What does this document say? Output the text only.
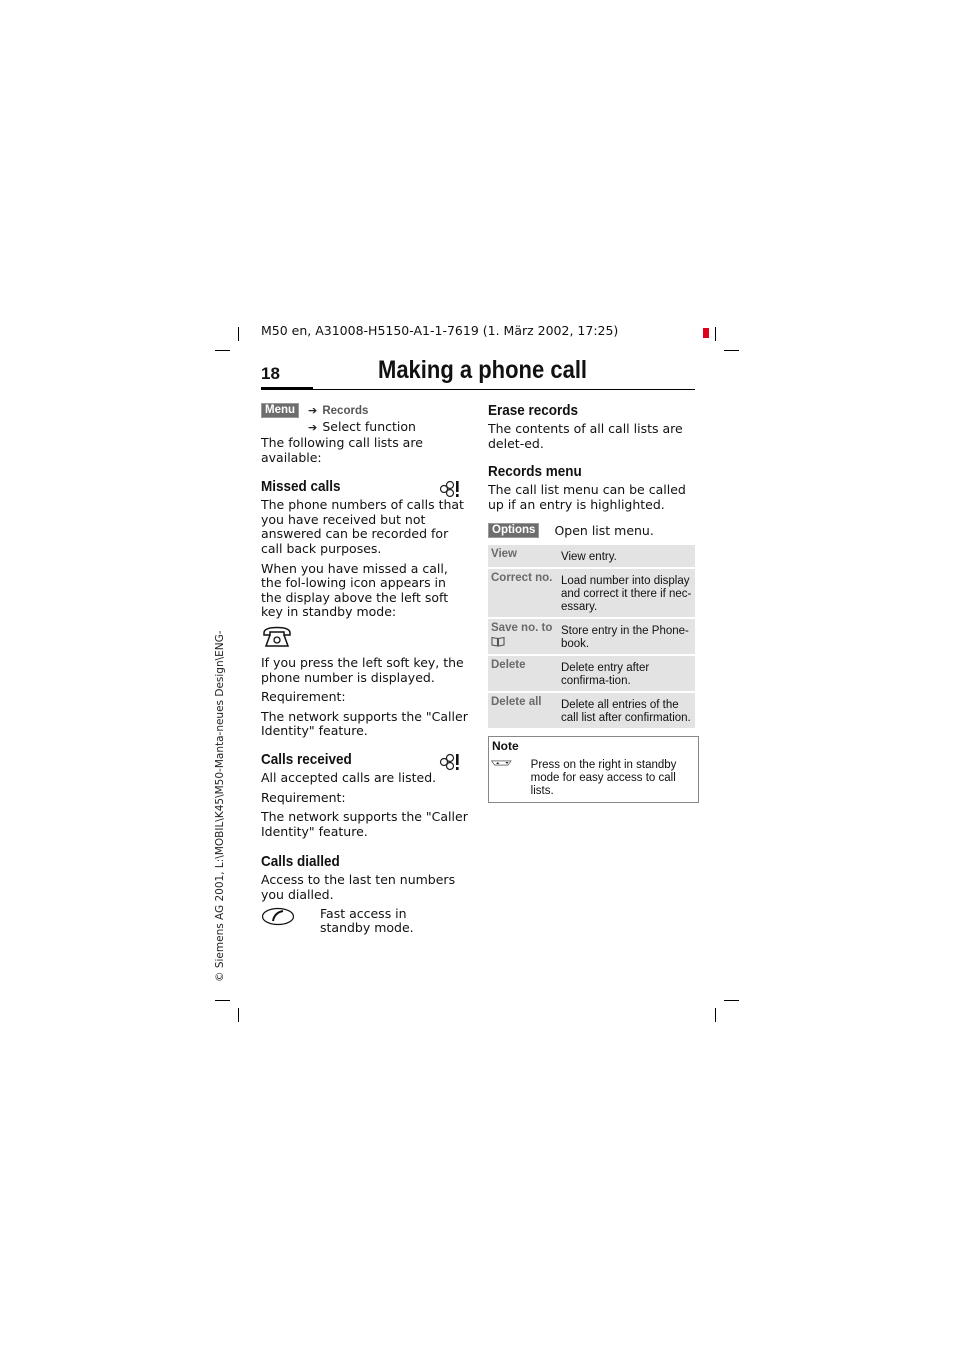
M50 en, A31008-H5150-A1-1-7619 (1. März 2002, 17:25)
© Siemens AG 2001, L:\MOBIL\K45\M50-Manta-neues Design\ENG-
18	Making a phone call
Menu	➔ Records
➔ Select function

The following call lists are available:

Missed calls

The phone numbers of calls that you have received but not answered can be recorded for call back purposes.

When you have missed a call, the fol-lowing icon appears in the display above the left soft key in standby mode:

If you press the left soft key, the phone number is displayed.

Requirement:

The network supports the "Caller Identity" feature.

Calls received

All accepted calls are listed.

Requirement:

The network supports the "Caller Identity" feature.

Calls dialled

Access to the last ten numbers you dialled.

Fast access in standby mode.

Erase records

The contents of all call lists are delet-ed.

Records menu

The call list menu can be called up if an entry is highlighted.

Options	Open list menu.
View	View entry.
Correct no.	Load number into display and correct it there if nec-essary.
Save no. to	Store entry in the Phone-book.
Delete	Delete entry after confirma-tion.
Delete all	Delete all entries of the call list after confirmation.

Note

Press on the right in standby mode for easy access to call lists.
